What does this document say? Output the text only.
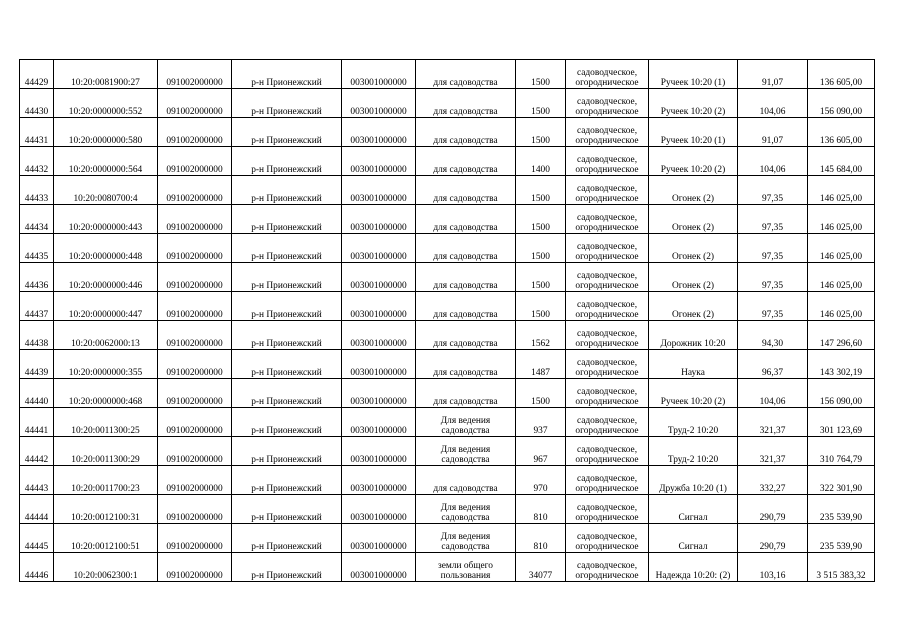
44429	10:20:0081900:27	091002000000	р-н Прионежский	003001000000	для садоводства	1500	садоводческое,
огородническое	Ручеек 10:20 (1)	91,07	136 605,00
44430	10:20:0000000:552	091002000000	р-н Прионежский	003001000000	для садоводства	1500	садоводческое,
огородническое	Ручеек 10:20 (2)	104,06	156 090,00
44431	10:20:0000000:580	091002000000	р-н Прионежский	003001000000	для садоводства	1500	садоводческое,
огородническое	Ручеек 10:20 (1)	91,07	136 605,00
44432	10:20:0000000:564	091002000000	р-н Прионежский	003001000000	для садоводства	1400	садоводческое,
огородническое	Ручеек 10:20 (2)	104,06	145 684,00
44433	10:20:0080700:4	091002000000	р-н Прионежский	003001000000	для садоводства	1500	садоводческое,
огородническое	Огонек (2)	97,35	146 025,00
44434	10:20:0000000:443	091002000000	р-н Прионежский	003001000000	для садоводства	1500	садоводческое,
огородническое	Огонек (2)	97,35	146 025,00
44435	10:20:0000000:448	091002000000	р-н Прионежский	003001000000	для садоводства	1500	садоводческое,
огородническое	Огонек (2)	97,35	146 025,00
44436	10:20:0000000:446	091002000000	р-н Прионежский	003001000000	для садоводства	1500	садоводческое,
огородническое	Огонек (2)	97,35	146 025,00
44437	10:20:0000000:447	091002000000	р-н Прионежский	003001000000	для садоводства	1500	садоводческое,
огородническое	Огонек (2)	97,35	146 025,00
44438	10:20:0062000:13	091002000000	р-н Прионежский	003001000000	для садоводства	1562	садоводческое,
огородническое	Дорожник 10:20	94,30	147 296,60
44439	10:20:0000000:355	091002000000	р-н Прионежский	003001000000	для садоводства	1487	садоводческое,
огородническое	Наука	96,37	143 302,19
44440	10:20:0000000:468	091002000000	р-н Прионежский	003001000000	для садоводства	1500	садоводческое,
огородническое	Ручеек 10:20 (2)	104,06	156 090,00
44441	10:20:0011300:25	091002000000	р-н Прионежский	003001000000	Для ведения
садоводства	937	садоводческое,
огородническое	Труд-2 10:20	321,37	301 123,69
44442	10:20:0011300:29	091002000000	р-н Прионежский	003001000000	Для ведения
садоводства	967	садоводческое,
огородническое	Труд-2 10:20	321,37	310 764,79
44443	10:20:0011700:23	091002000000	р-н Прионежский	003001000000	для садоводства	970	садоводческое,
огородническое	Дружба 10:20 (1)	332,27	322 301,90
44444	10:20:0012100:31	091002000000	р-н Прионежский	003001000000	Для ведения
садоводства	810	садоводческое,
огородническое	Сигнал	290,79	235 539,90
44445	10:20:0012100:51	091002000000	р-н Прионежский	003001000000	Для ведения
садоводства	810	садоводческое,
огородническое	Сигнал	290,79	235 539,90
44446	10:20:0062300:1	091002000000	р-н Прионежский	003001000000	земли общего
пользования	34077	садоводческое,
огородническое	Надежда 10:20: (2)	103,16	3 515 383,32
